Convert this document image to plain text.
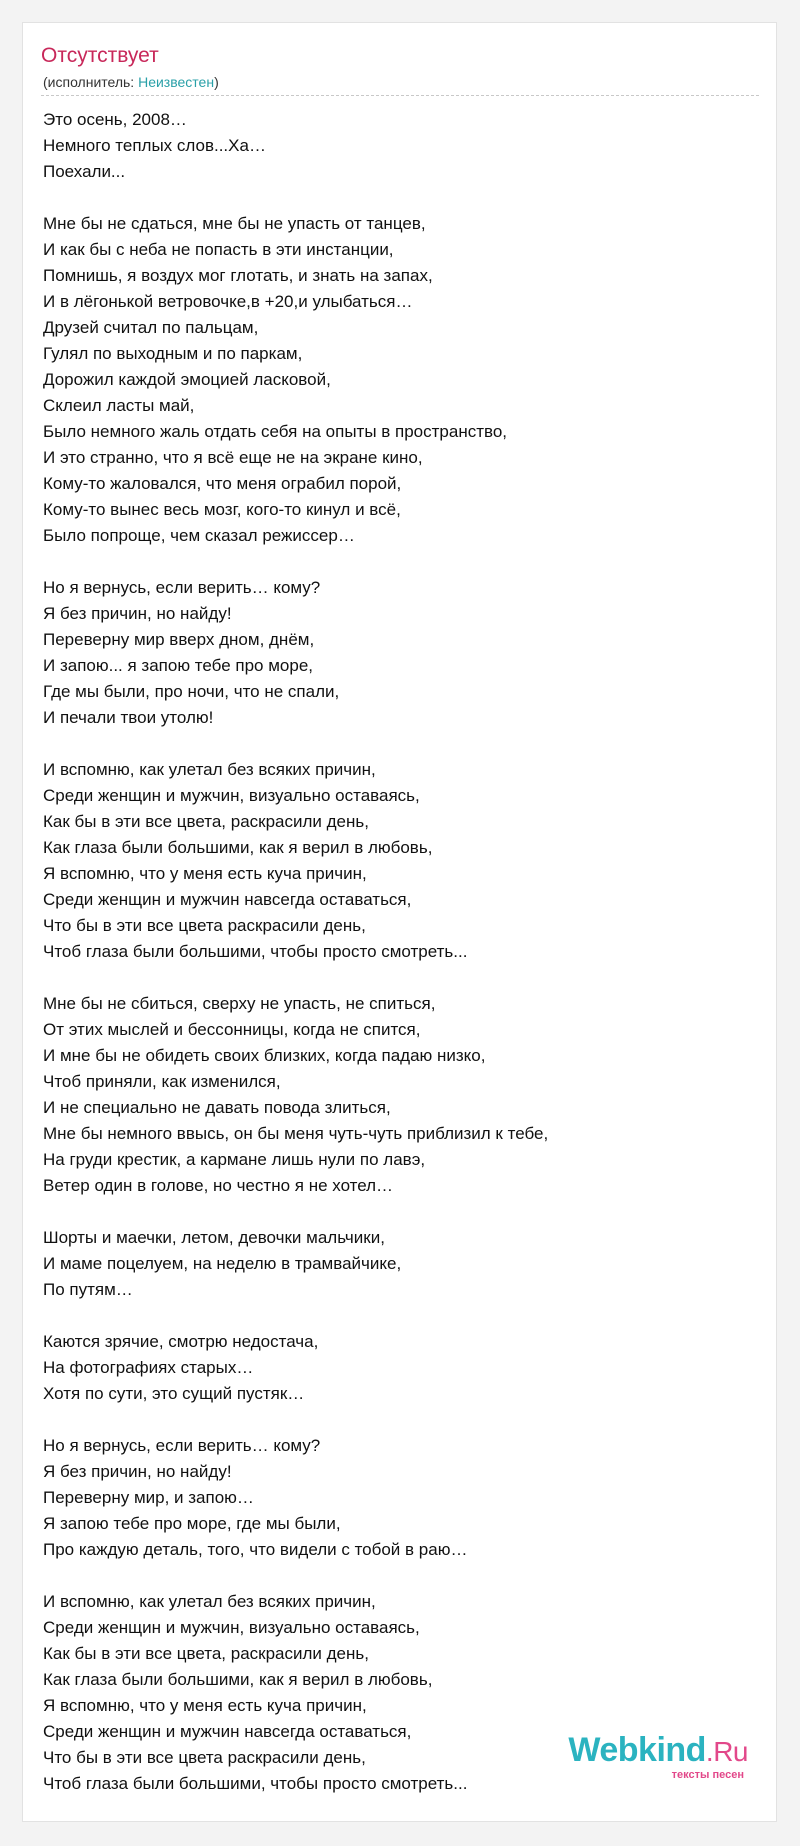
Отсутствует
(исполнитель: Неизвестен)
Это осень, 2008…
Немного теплых слов...Ха…
Поехали...
Мне бы не сдаться, мне бы не упасть от танцев,
И как бы с неба не попасть в эти инстанции,
Помнишь, я воздух мог глотать, и знать на запах,
И в лёгонькой ветровочке,в +20,и улыбаться…
Друзей считал по пальцам,
Гулял по выходным и по паркам,
Дорожил каждой эмоцией ласковой,
Склеил ласты май,
Было немного жаль отдать себя на опыты в пространство,
И это странно, что я всё еще не на экране кино,
Кому-то жаловался, что меня ограбил порой,
Кому-то вынес весь мозг, кого-то кинул и всё,
Было попроще, чем сказал режиссер…
Но я вернусь, если верить… кому?
Я без причин, но найду!
Переверну мир вверх дном, днём,
И запою... я запою тебе про море,
Где мы были, про ночи, что не спали,
И печали твои утолю!
И вспомню, как улетал без всяких причин,
Среди женщин и мужчин, визуально оставаясь,
Как бы в эти все цвета, раскрасили день,
Как глаза были большими, как я верил в любовь,
Я вспомню, что у меня есть куча причин,
Среди женщин и мужчин навсегда оставаться,
Что бы в эти все цвета раскрасили день,
Чтоб глаза были большими, чтобы просто смотреть...
Мне бы не сбиться, сверху не упасть, не спиться,
От этих мыслей и бессонницы, когда не спится,
И мне бы не обидеть своих близких, когда падаю низко,
Чтоб приняли, как изменился,
И не специально не давать повода злиться,
Мне бы немного ввысь, он бы меня чуть-чуть приблизил к тебе,
На груди крестик, а кармане лишь нули по лавэ,
Ветер один в голове, но честно я не хотел…
Шорты и маечки, летом, девочки мальчики,
И маме поцелуем, на неделю в трамвайчике,
По путям…
Каются зрячие, смотрю недостача,
На фотографиях старых…
Хотя по сути, это сущий пустяк…
Но я вернусь, если верить… кому?
Я без причин, но найду!
Переверну мир, и запою…
Я запою тебе про море, где мы были,
Про каждую деталь, того, что видели с тобой в раю…
И вспомню, как улетал без всяких причин,
Среди женщин и мужчин, визуально оставаясь,
Как бы в эти все цвета, раскрасили день,
Как глаза были большими, как я верил в любовь,
Я вспомню, что у меня есть куча причин,
Среди женщин и мужчин навсегда оставаться,
Что бы в эти все цвета раскрасили день,
Чтоб глаза были большими, чтобы просто смотреть...
Webkind.Ru
тексты песен
